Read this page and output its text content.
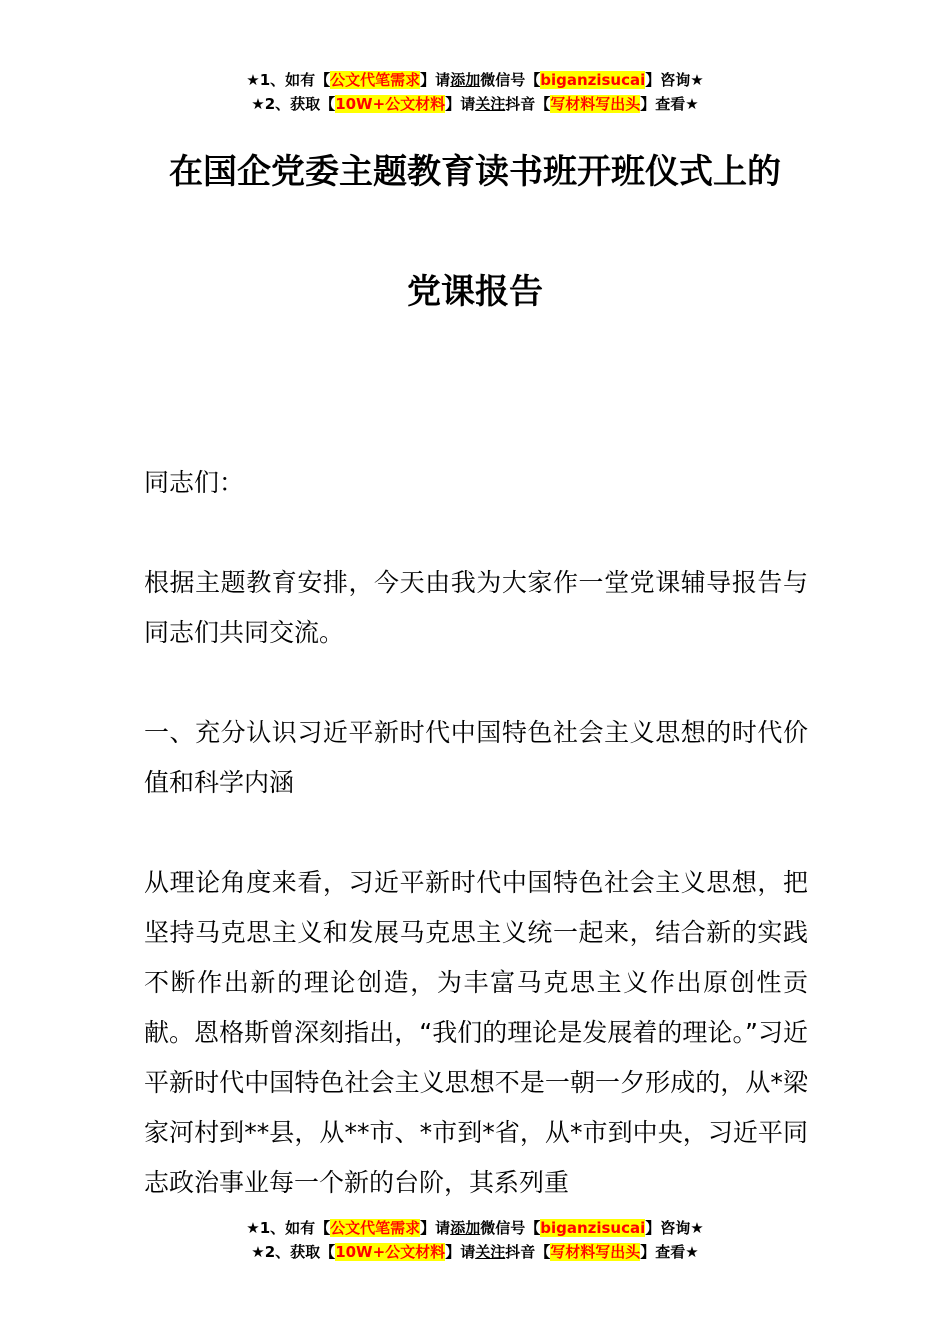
★1、如有【公文代笔需求】请添加微信号【biganzisucai】咨询★
★2、获取【10W+公文材料】请关注抖音【写材料写出头】查看★
在国企党委主题教育读书班开班仪式上的
党课报告
同志们：
根据主题教育安排，今天由我为大家作一堂党课辅导报告与同志们共同交流。
一、充分认识习近平新时代中国特色社会主义思想的时代价值和科学内涵
从理论角度来看，习近平新时代中国特色社会主义思想，把坚持马克思主义和发展马克思主义统一起来，结合新的实践不断作出新的理论创造，为丰富马克思主义作出原创性贡献。恩格斯曾深刻指出，“我们的理论是发展着的理论。”习近平新时代中国特色社会主义思想不是一朝一夕形成的，从*梁家河村到**县，从**市、*市到*省，从*市到中央，习近平同志政治事业每一个新的台阶，其系列重
★1、如有【公文代笔需求】请添加微信号【biganzisucai】咨询★
★2、获取【10W+公文材料】请关注抖音【写材料写出头】查看★
